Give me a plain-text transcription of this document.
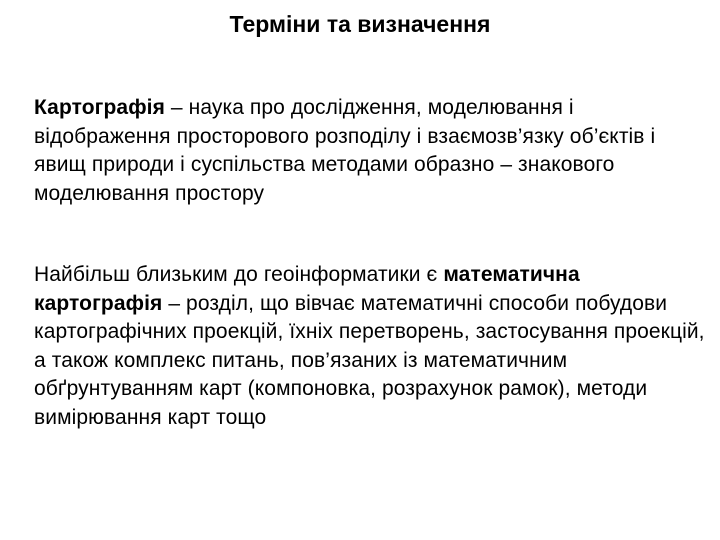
Терміни та визначення

Картографія – наука про дослідження, моделювання і відображення просторового розподілу і взаємозв’язку об’єктів і явищ природи і суспільства методами образно – знакового моделювання простору

Найбільш близьким до геоінформатики є математична картографія – розділ, що вівчає математичні способи побудови картографічних проекцій, їхніх перетворень, застосування проекцій, а також комплекс питань, пов’язаних із математичним обґрунтуванням карт (компоновка, розрахунок рамок), методи вимірювання карт тощо
